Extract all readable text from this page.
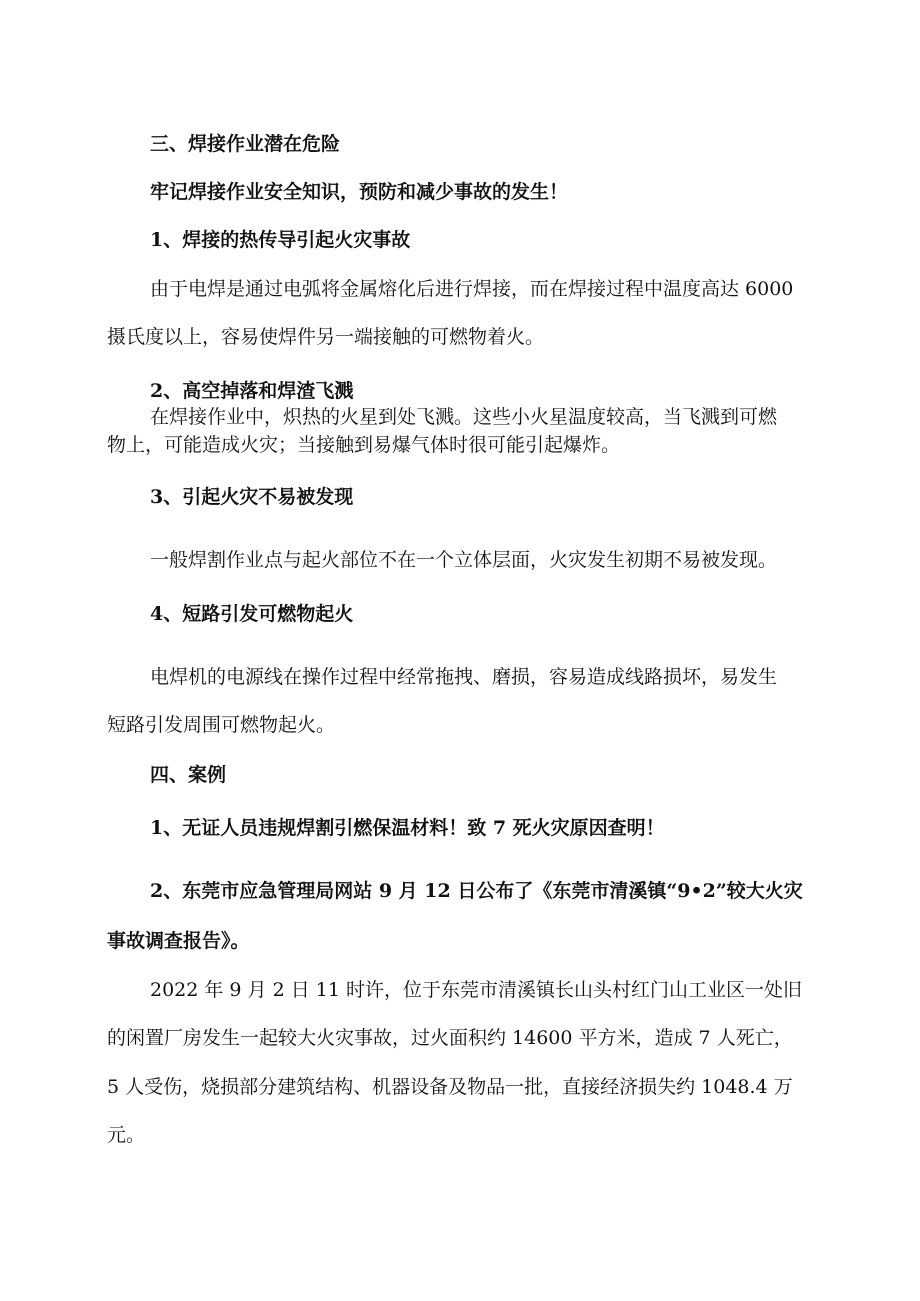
三、焊接作业潜在危险
牢记焊接作业安全知识，预防和减少事故的发生！
1、焊接的热传导引起火灾事故
由于电焊是通过电弧将金属熔化后进行焊接，而在焊接过程中温度高达 6000
摄氏度以上，容易使焊件另一端接触的可燃物着火。
2、高空掉落和焊渣飞溅
在焊接作业中，炽热的火星到处飞溅。这些小火星温度较高，当飞溅到可燃
物上，可能造成火灾；当接触到易爆气体时很可能引起爆炸。
3、引起火灾不易被发现
一般焊割作业点与起火部位不在一个立体层面，火灾发生初期不易被发现。
4、短路引发可燃物起火
电焊机的电源线在操作过程中经常拖拽、磨损，容易造成线路损坏，易发生
短路引发周围可燃物起火。
四、案例
1、无证人员违规焊割引燃保温材料！致 7 死火灾原因查明！
2、东莞市应急管理局网站 9 月 12 日公布了《东莞市清溪镇“9•2”较大火灾
事故调查报告》。
2022 年 9 月 2 日 11 时许，位于东莞市清溪镇长山头村红门山工业区一处旧
的闲置厂房发生一起较大火灾事故，过火面积约 14600 平方米，造成 7 人死亡，
5 人受伤，烧损部分建筑结构、机器设备及物品一批，直接经济损失约 1048.4 万
元。
